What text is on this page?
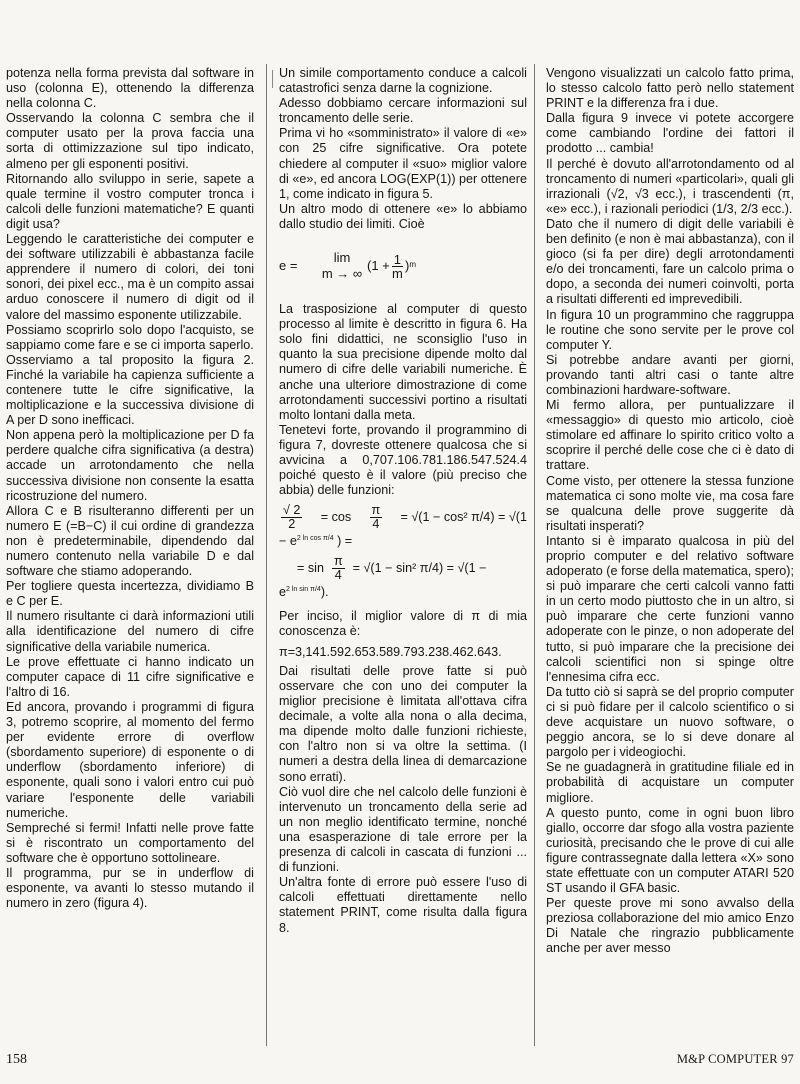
potenza nella forma prevista dal software in uso (colonna E), ottenendo la differenza nella colonna C.

Osservando la colonna C sembra che il computer usato per la prova faccia una sorta di ottimizzazione sul tipo indicato, almeno per gli esponenti positivi.

Ritornando allo sviluppo in serie, sapete a quale termine il vostro computer tronca i calcoli delle funzioni matematiche? E quanti digit usa?

Leggendo le caratteristiche dei computer e dei software utilizzabili è abbastanza facile apprendere il numero di colori, dei toni sonori, dei pixel ecc., ma è un compito assai arduo conoscere il numero di digit od il valore del massimo esponente utilizzabile.

Possiamo scoprirlo solo dopo l'acquisto, se sappiamo come fare e se ci importa saperlo.

Osserviamo a tal proposito la figura 2. Finché la variabile ha capienza sufficiente a contenere tutte le cifre significative, la moltiplicazione e la successiva divisione di A per D sono inefficaci.

Non appena però la moltiplicazione per D fa perdere qualche cifra significativa (a destra) accade un arrotondamento che nella successiva divisione non consente la esatta ricostruzione del numero.

Allora C e B risulteranno differenti per un numero E (=B−C) il cui ordine di grandezza non è predeterminabile, dipendendo dal numero contenuto nella variabile D e dal software che stiamo adoperando.

Per togliere questa incertezza, dividiamo B e C per E.

Il numero risultante ci darà informazioni utili alla identificazione del numero di cifre significative della variabile numerica.

Le prove effettuate ci hanno indicato un computer capace di 11 cifre significative e l'altro di 16.

Ed ancora, provando i programmi di figura 3, potremo scoprire, al momento del fermo per evidente errore di overflow (sbordamento superiore) di esponente o di underflow (sbordamento inferiore) di esponente, quali sono i valori entro cui può variare l'esponente delle variabili numeriche.

Sempreché si fermi! Infatti nelle prove fatte si è riscontrato un comportamento del software che è opportuno sottolineare.

Il programma, pur se in underflow di esponente, va avanti lo stesso mutando il numero in zero (figura 4).

Un simile comportamento conduce a calcoli catastrofici senza darne la cognizione.

Adesso dobbiamo cercare informazioni sul troncamento delle serie.

Prima vi ho «somministrato» il valore di «e» con 25 cifre significative. Ora potete chiedere al computer il «suo» miglior valore di «e», ed ancora LOG(EXP(1)) per ottenere 1, come indicato in figura 5.

Un altro modo di ottenere «e» lo abbiamo dallo studio dei limiti. Cioè

e =
lim
m → ∞
($1 + \frac{1}{m}$ ) m

La trasposizione al computer di questo processo al limite è descritto in figura 6. Ha solo fini didattici, ne sconsiglio l'uso in quanto la sua precisione dipende molto dal numero di cifre delle variabili numeriche. È anche una ulteriore dimostrazione di come arrotondamenti successivi portino a risultati molto lontani dalla meta.

Tenetevi forte, provando il programmino di figura 7, dovreste ottenere qualcosa che si avvicina a 0,707.106.781.186.547.524.4 poiché questo è il valore (più preciso che abbia) delle funzioni:

$\frac{√ 2}{2} = \cos \frac{\pi}{4} = √(1 - \cos^2$ π/4) = √(1
− $e^{2 ln cos \pi/4}$ ) =
= $\sin \frac{\pi}{4} = √(1 - \sin^2$ π/4) = √(1 −
$e^{2 ln sin \pi/4}$).

Per inciso, il miglior valore di π di mia conoscenza è:

π=3,141.592.653.589.793.238.462.643.

Dai risultati delle prove fatte si può osservare che con uno dei computer la miglior precisione è limitata all'ottava cifra decimale, a volte alla nona o alla decima, ma dipende molto dalle funzioni richieste, con l'altro non si va oltre la settima. (I numeri a destra della linea di demarcazione sono errati).

Ciò vuol dire che nel calcolo delle funzioni è intervenuto un troncamento della serie ad un non meglio identificato termine, nonché una esasperazione di tale errore per la presenza di calcoli in cascata di funzioni ... di funzioni.

Un'altra fonte di errore può essere l'uso di calcoli effettuati direttamente nello statement PRINT, come risulta dalla figura 8.

Vengono visualizzati un calcolo fatto prima, lo stesso calcolo fatto però nello statement PRINT e la differenza fra i due.

Dalla figura 9 invece vi potete accorgere come cambiando l'ordine dei fattori il prodotto ... cambia!

Il perché è dovuto all'arrotondamento od al troncamento di numeri «particolari», quali gli irrazionali (√2, √3 ecc.), i trascendenti (π, «e» ecc.), i razionali periodici (1/3, 2/3 ecc.).

Dato che il numero di digit delle variabili è ben definito (e non è mai abbastanza), con il gioco (si fa per dire) degli arrotondamenti e/o dei troncamenti, fare un calcolo prima o dopo, a seconda dei numeri coinvolti, porta a risultati differenti ed imprevedibili.

In figura 10 un programmino che raggruppa le routine che sono servite per le prove col computer Y.

Si potrebbe andare avanti per giorni, provando tanti altri casi o tante altre combinazioni hardware-software.

Mi fermo allora, per puntualizzare il «messaggio» di questo mio articolo, cioè stimolare ed affinare lo spirito critico volto a scoprire il perché delle cose che ci è dato di trattare.

Come visto, per ottenere la stessa funzione matematica ci sono molte vie, ma cosa fare se qualcuna delle prove suggerite dà risultati insperati?

Intanto si è imparato qualcosa in più del proprio computer e del relativo software adoperato (e forse della matematica, spero); si può imparare che certi calcoli vanno fatti in un certo modo piuttosto che in un altro, si può imparare che certe funzioni vanno adoperate con le pinze, o non adoperate del tutto, si può imparare che la precisione dei calcoli scientifici non si spinge oltre l'ennesima cifra ecc.

Da tutto ciò si saprà se del proprio computer ci si può fidare per il calcolo scientifico o si deve acquistare un nuovo software, o peggio ancora, se lo si deve donare al pargolo per i videogiochi.

Se ne guadagnerà in gratitudine filiale ed in probabilità di acquistare un computer migliore.

A questo punto, come in ogni buon libro giallo, occorre dar sfogo alla vostra paziente curiosità, precisando che le prove di cui alle figure contrassegnate dalla lettera «X» sono state effettuate con un computer ATARI 520 ST usando il GFA basic.

Per queste prove mi sono avvalso della preziosa collaborazione del mio amico Enzo Di Natale che ringrazio pubblicamente anche per aver messo

158	M&P COMPUTER 97
